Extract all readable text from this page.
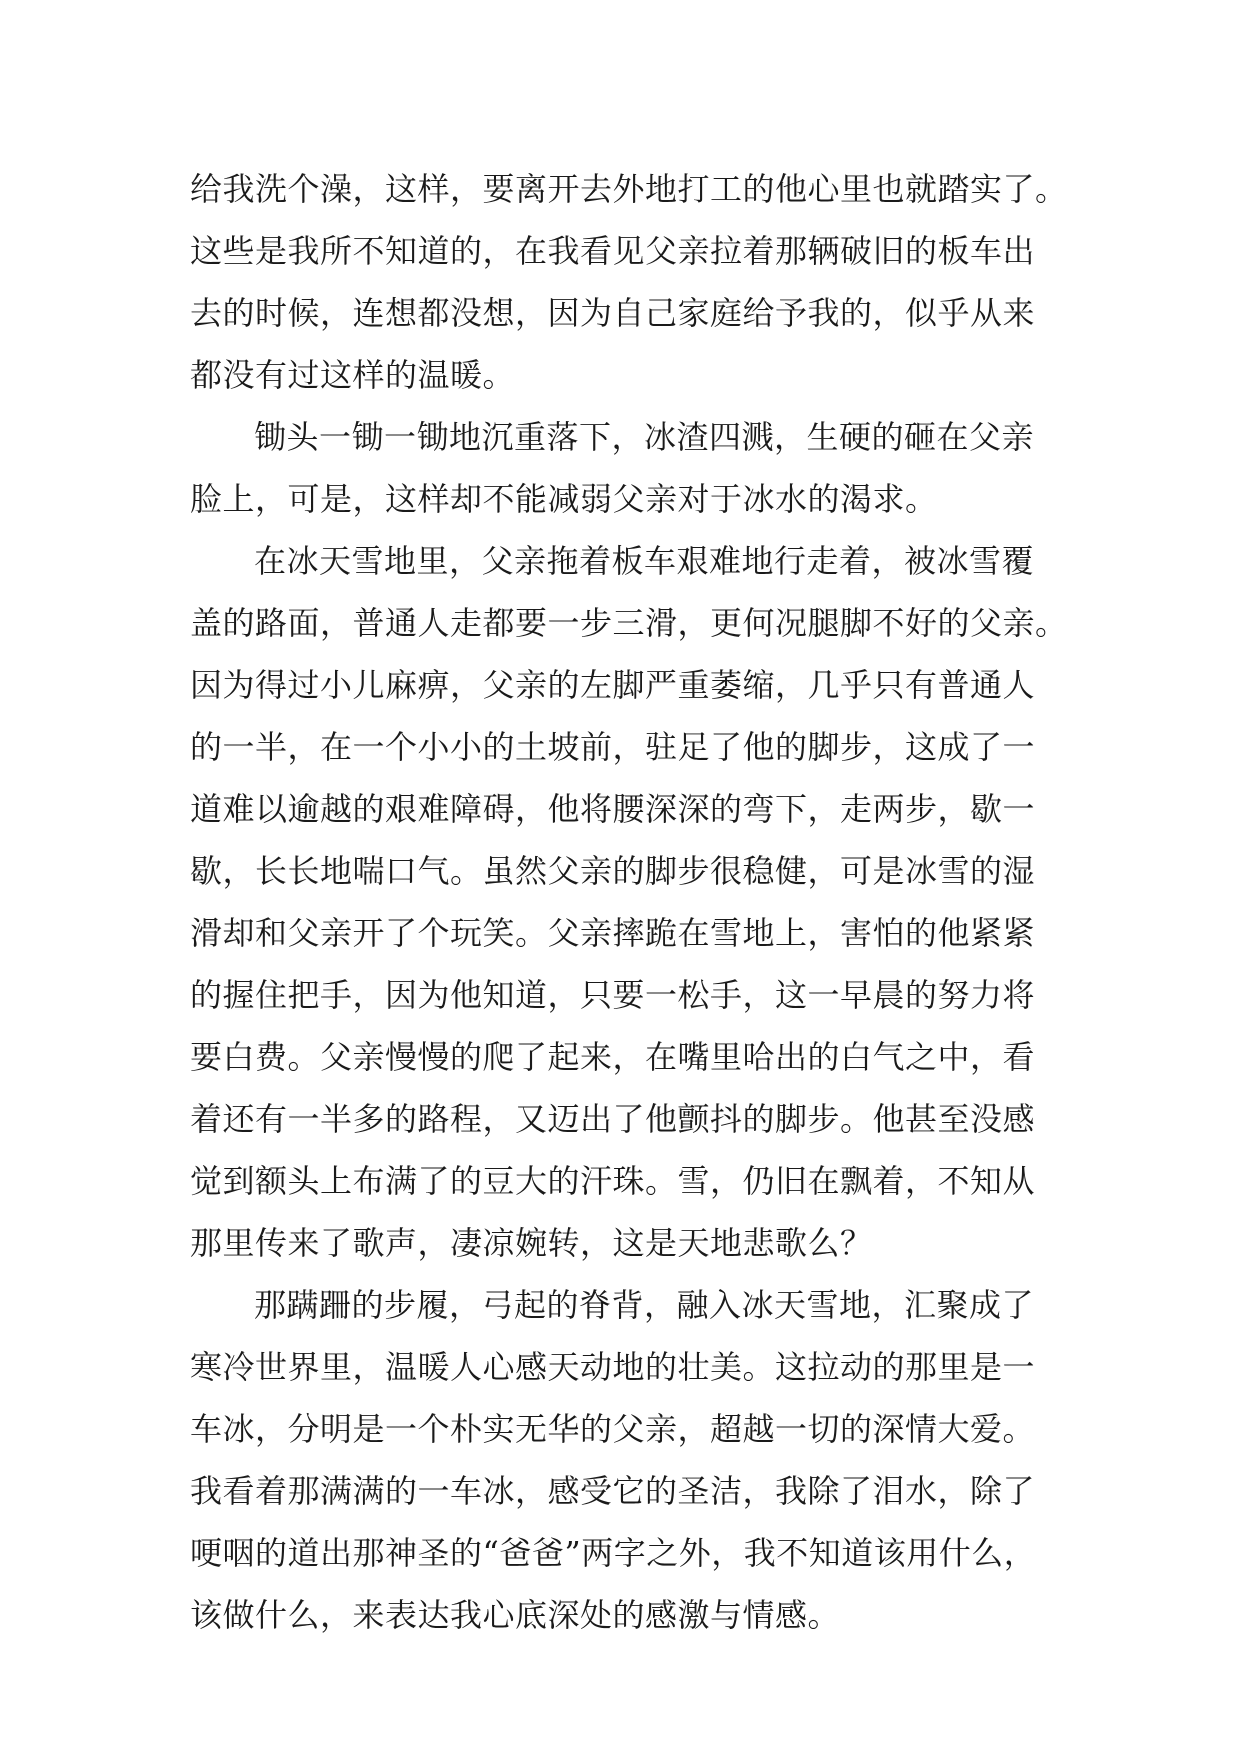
给我洗个澡，这样，要离开去外地打工的他心里也就踏实了。
这些是我所不知道的，在我看见父亲拉着那辆破旧的板车出
去的时候，连想都没想，因为自己家庭给予我的，似乎从来
都没有过这样的温暖。
锄头一锄一锄地沉重落下，冰渣四溅，生硬的砸在父亲
脸上，可是，这样却不能减弱父亲对于冰水的渴求。
在冰天雪地里，父亲拖着板车艰难地行走着，被冰雪覆
盖的路面，普通人走都要一步三滑，更何况腿脚不好的父亲。
因为得过小儿麻痹，父亲的左脚严重萎缩，几乎只有普通人
的一半，在一个小小的土坡前，驻足了他的脚步，这成了一
道难以逾越的艰难障碍，他将腰深深的弯下，走两步，歇一
歇，长长地喘口气。虽然父亲的脚步很稳健，可是冰雪的湿
滑却和父亲开了个玩笑。父亲摔跪在雪地上，害怕的他紧紧
的握住把手，因为他知道，只要一松手，这一早晨的努力将
要白费。父亲慢慢的爬了起来，在嘴里哈出的白气之中，看
着还有一半多的路程，又迈出了他颤抖的脚步。他甚至没感
觉到额头上布满了的豆大的汗珠。雪，仍旧在飘着，不知从
那里传来了歌声，凄凉婉转，这是天地悲歌么？
那蹒跚的步履，弓起的脊背，融入冰天雪地，汇聚成了
寒冷世界里，温暖人心感天动地的壮美。这拉动的那里是一
车冰，分明是一个朴实无华的父亲，超越一切的深情大爱。
我看着那满满的一车冰，感受它的圣洁，我除了泪水，除了
哽咽的道出那神圣的“爸爸”两字之外，我不知道该用什么，
该做什么，来表达我心底深处的感激与情感。
